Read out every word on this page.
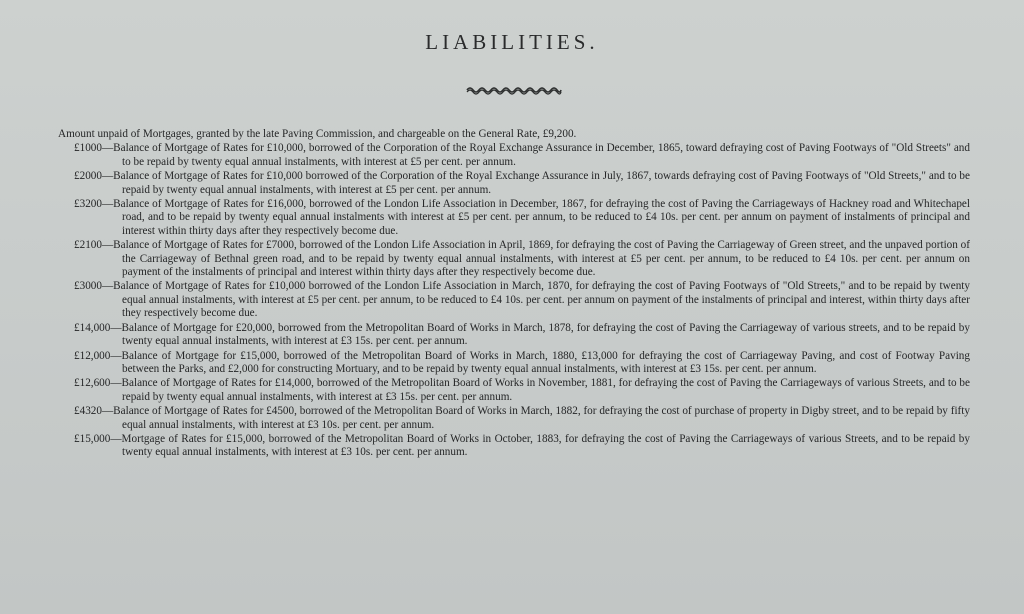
LIABILITIES.

Amount unpaid of Mortgages, granted by the late Paving Commission, and chargeable on the General Rate, £9,200.

£1000—Balance of Mortgage of Rates for £10,000, borrowed of the Corporation of the Royal Exchange Assurance in December, 1865, toward defraying cost of Paving Footways of "Old Streets" and to be repaid by twenty equal annual instalments, with interest at £5 per cent. per annum.

£2000—Balance of Mortgage of Rates for £10,000 borrowed of the Corporation of the Royal Exchange Assurance in July, 1867, towards defraying cost of Paving Footways of "Old Streets," and to be repaid by twenty equal annual instalments, with interest at £5 per cent. per annum.

£3200—Balance of Mortgage of Rates for £16,000, borrowed of the London Life Association in December, 1867, for defraying the cost of Paving the Carriageways of Hackney road and Whitechapel road, and to be repaid by twenty equal annual instalments with interest at £5 per cent. per annum, to be reduced to £4 10s. per cent. per annum on payment of instalments of principal and interest within thirty days after they respectively become due.

£2100—Balance of Mortgage of Rates for £7000, borrowed of the London Life Association in April, 1869, for defraying the cost of Paving the Carriageway of Green street, and the unpaved portion of the Carriageway of Bethnal green road, and to be repaid by twenty equal annual instalments, with interest at £5 per cent. per annum, to be reduced to £4 10s. per cent. per annum on payment of the instalments of principal and interest within thirty days after they respectively become due.

£3000—Balance of Mortgage of Rates for £10,000 borrowed of the London Life Association in March, 1870, for defraying the cost of Paving Footways of "Old Streets," and to be repaid by twenty equal annual instalments, with interest at £5 per cent. per annum, to be reduced to £4 10s. per cent. per annum on payment of the instalments of principal and interest, within thirty days after they respectively become due.

£14,000—Balance of Mortgage for £20,000, borrowed from the Metropolitan Board of Works in March, 1878, for defraying the cost of Paving the Carriageway of various streets, and to be repaid by twenty equal annual instalments, with interest at £3 15s. per cent. per annum.

£12,000—Balance of Mortgage for £15,000, borrowed of the Metropolitan Board of Works in March, 1880, £13,000 for defraying the cost of Carriageway Paving, and cost of Footway Paving between the Parks, and £2,000 for constructing Mortuary, and to be repaid by twenty equal annual instalments, with interest at £3 15s. per cent. per annum.

£12,600—Balance of Mortgage of Rates for £14,000, borrowed of the Metropolitan Board of Works in November, 1881, for defraying the cost of Paving the Carriageways of various Streets, and to be repaid by twenty equal annual instalments, with interest at £3 15s. per cent. per annum.

£4320—Balance of Mortgage of Rates for £4500, borrowed of the Metropolitan Board of Works in March, 1882, for defraying the cost of purchase of property in Digby street, and to be repaid by fifty equal annual instalments, with interest at £3 10s. per cent. per annum.

£15,000—Mortgage of Rates for £15,000, borrowed of the Metropolitan Board of Works in October, 1883, for defraying the cost of Paving the Carriageways of various Streets, and to be repaid by twenty equal annual instalments, with interest at £3 10s. per cent. per annum.
